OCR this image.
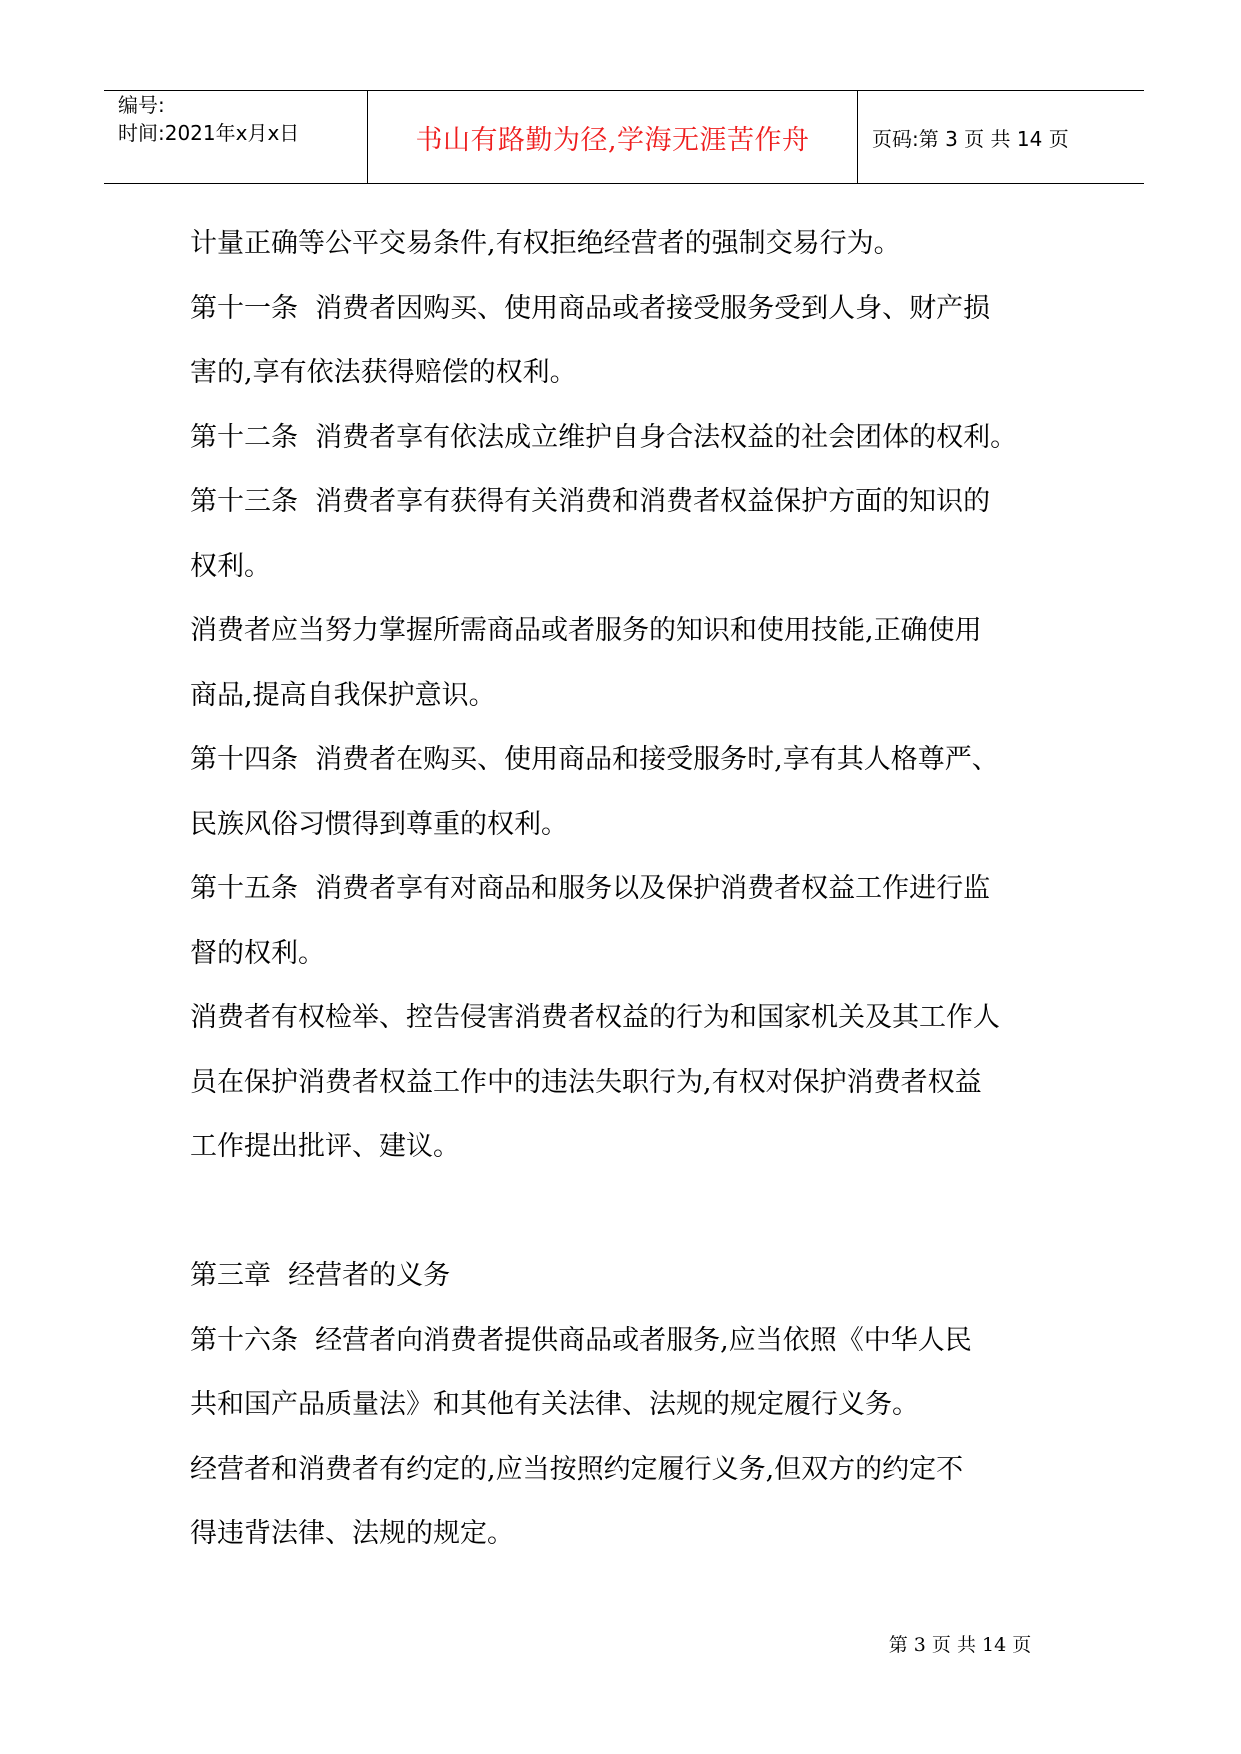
编号:
时间:2021年x月x日	书山有路勤为径,学海无涯苦作舟	页码:第 3 页 共 14 页

计量正确等公平交易条件,有权拒绝经营者的强制交易行为。

第十一条  消费者因购买、使用商品或者接受服务受到人身、财产损

害的,享有依法获得赔偿的权利。

第十二条  消费者享有依法成立维护自身合法权益的社会团体的权利。

第十三条  消费者享有获得有关消费和消费者权益保护方面的知识的

权利。

消费者应当努力掌握所需商品或者服务的知识和使用技能,正确使用

商品,提高自我保护意识。

第十四条  消费者在购买、使用商品和接受服务时,享有其人格尊严、

民族风俗习惯得到尊重的权利。

第十五条  消费者享有对商品和服务以及保护消费者权益工作进行监

督的权利。

消费者有权检举、控告侵害消费者权益的行为和国家机关及其工作人

员在保护消费者权益工作中的违法失职行为,有权对保护消费者权益

工作提出批评、建议。

第三章  经营者的义务

第十六条  经营者向消费者提供商品或者服务,应当依照《中华人民

共和国产品质量法》和其他有关法律、法规的规定履行义务。

经营者和消费者有约定的,应当按照约定履行义务,但双方的约定不

得违背法律、法规的规定。

第 3 页 共 14 页
